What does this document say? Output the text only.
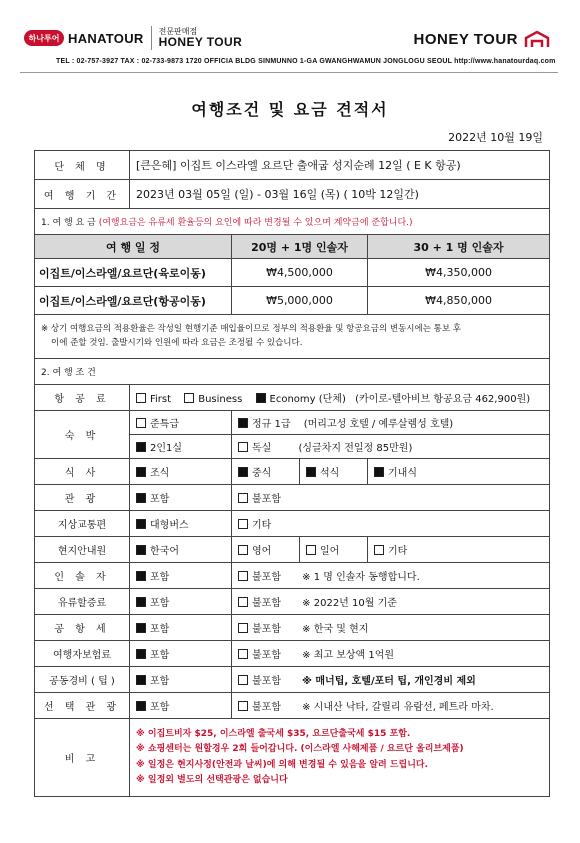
하나투어 HANATOUR 전문판매점
HONEY TOUR	HONEY TOUR
TEL : 02-757-3927 TAX : 02-733-9873 1720 OFFICIA BLDG SINMUNNO 1-GA GWANGHWAMUN JONGLOGU SEOUL http://www.hanatourdaq.com
여행조건 및 요금 견적서
2022년 10월 19일
단 체 명	[큰은혜] 이집트 이스라엘 요르단 출애굽 성지순례 12일 ( E K 항공)			
여 행 기 간	2023년 03월 05일 (일) - 03월 16일 (목) ( 10박 12일간)			
1. 여 행 요 금 (여행요금은 유류세 환율등의 요인에 따라 변경될 수 있으며 계약금에 준합니다.)				
여 행 일 정		20명 + 1명 인솔자		30 + 1 명 인솔자
이집트/이스라엘/요르단(육로이동)		₩4,500,000		₩4,350,000
이집트/이스라엘/요르단(항공이동)		₩5,000,000		₩4,850,000

※ 상기 여행요금의 적용환율은 작성일 현행기준 매입율이므로 정부의 적용환율 및 항공요금의 변동시에는 통보 후
이에 준할 것임. 출발시기와 인원에 따라 요금은 조정될 수 있습니다.				

2. 여 행 조 건				
항 공 료	First Business Economy (단체) (카이로-텔아비브 항공요금 462,900원)			
숙 박	준특급	정규 1급 (머리고성 호텔 / 예루살렘성 호텔)		
	2인1실	독실 (싱글차지 전일정 85만원)		
식 사	조식	중식	석식	기내식
관 광	포함	불포함		
지상교통편	대형버스	기타		
현지안내원	한국어	영어	일어	기타
인 솔 자	포함	불포함 ※ 1 명 인솔자 동행합니다.		
유류할증료	포함	불포함 ※ 2022년 10월 기준		
공 항 세	포함	불포함 ※ 한국 및 현지		
여행자보험료	포함	불포함 ※ 최고 보상액 1억원		
공동경비 ( 팁 )	포함	불포함 ※ 매너팁, 호텔/포터 팁, 개인경비 제외		
선 택 관 광	포함	불포함 ※ 시내산 낙타, 갈릴리 유람선, 페트라 마차.		
비 고	※ 이집트비자 $25, 이스라엘 출국세 $35, 요르단출국세 $15 포함.
※ 쇼핑센터는 원할경우 2회 들어갑니다. (이스라엘 사해제품 / 요르단 올리브제품)
※ 일정은 현지사정(안전과 날씨)에 의해 변경될 수 있음을 알려 드립니다.
※ 일정외 별도의 선택관광은 없습니다			
